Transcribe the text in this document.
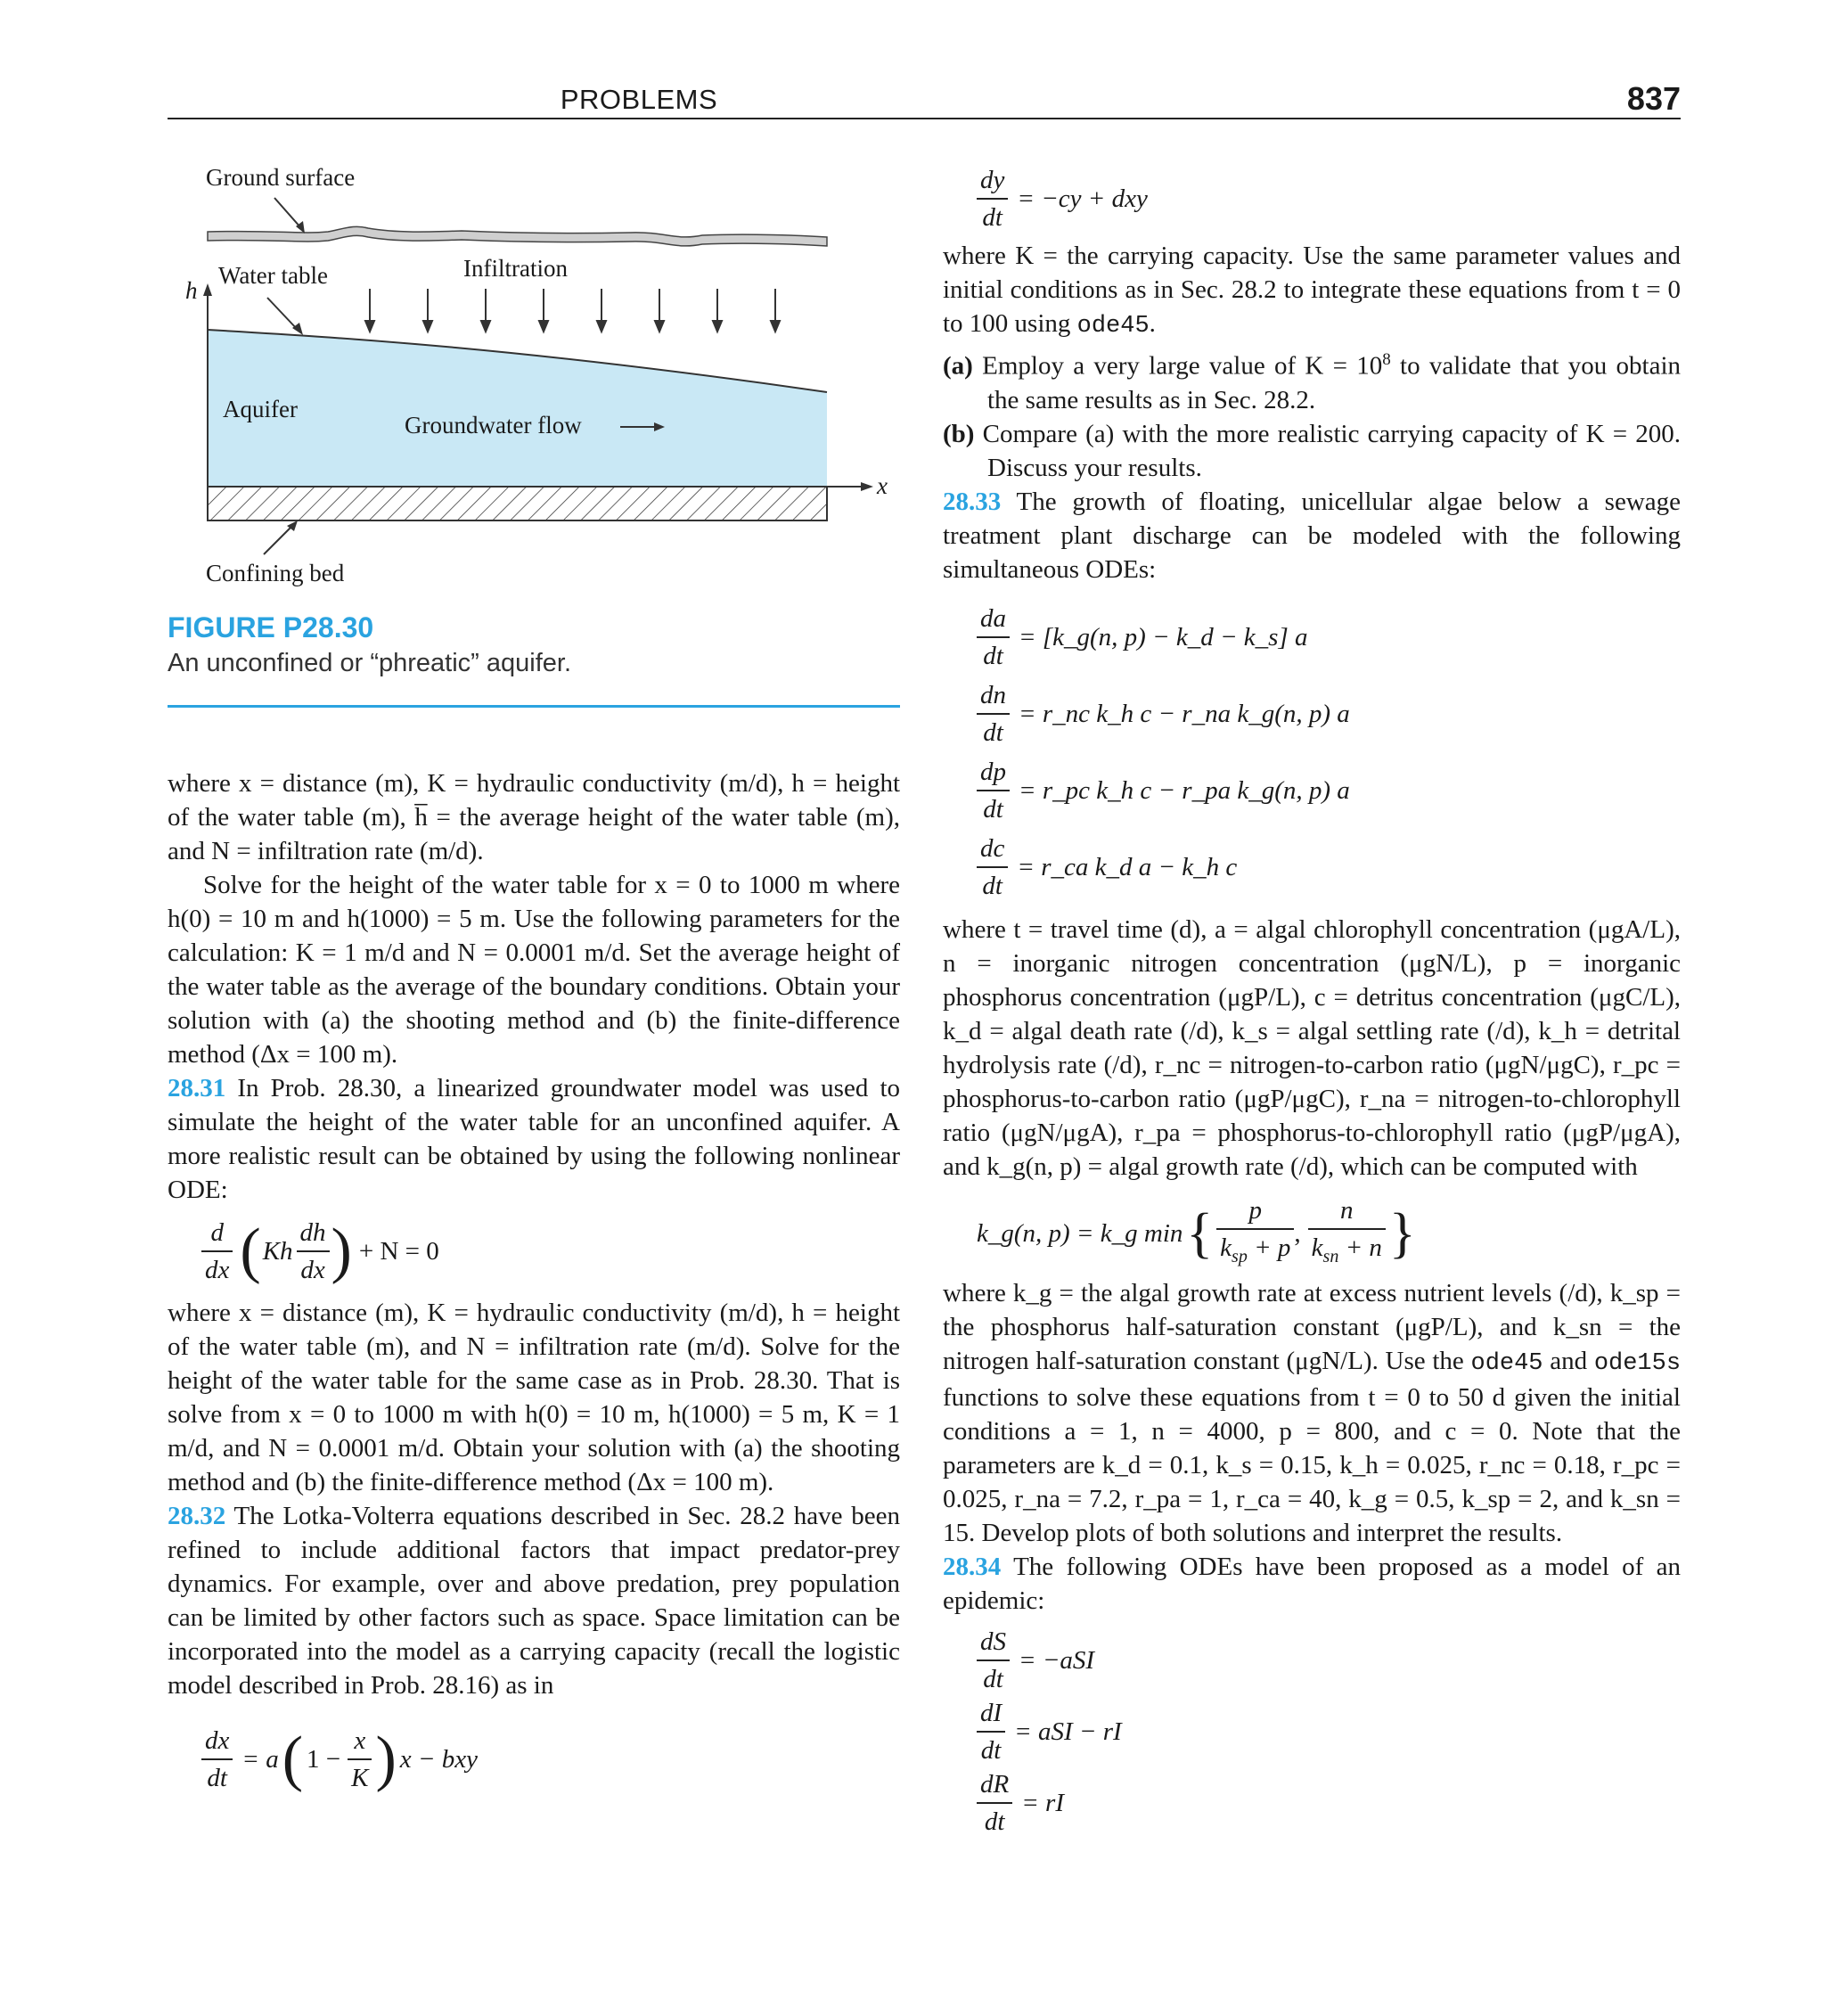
PROBLEMS	837
Ground surface
Water table	Infiltration
h
x
Aquifer
Groundwater flow
Confining bed
FIGURE P28.30
An unconfined or “phreatic” aquifer.

where x = distance (m), K = hydraulic conductivity (m/d), h = height of the water table (m), h̅ = the average height of the water table (m), and N = infiltration rate (m/d).

Solve for the height of the water table for x = 0 to 1000 m where h(0) = 10 m and h(1000) = 5 m. Use the following parameters for the calculation: K = 1 m/d and N = 0.0001 m/d. Set the average height of the water table as the average of the boundary conditions. Obtain your solution with (a) the shooting method and (b) the finite-difference method (Δx = 100 m).

28.31 In Prob. 28.30, a linearized groundwater model was used to simulate the height of the water table for an unconfined aquifer. A more realistic result can be obtained by using the following nonlinear ODE:

$\frac{d}{dx}$ ( Kh $\frac{dh}{dx}$ ) + N = 0

where x = distance (m), K = hydraulic conductivity (m/d), h = height of the water table (m), and N = infiltration rate (m/d). Solve for the height of the water table for the same case as in Prob. 28.30. That is solve from x = 0 to 1000 m with h(0) = 10 m, h(1000) = 5 m, K = 1 m/d, and N = 0.0001 m/d. Obtain your solution with (a) the shooting method and (b) the finite-difference method (Δx = 100 m).

28.32 The Lotka-Volterra equations described in Sec. 28.2 have been refined to include additional factors that impact predator-prey dynamics. For example, over and above predation, prey population can be limited by other factors such as space. Space limitation can be incorporated into the model as a carrying capacity (recall the logistic model described in Prob. 28.16) as in

$\frac{dx}{dt} = a$ ( $1 - \frac{x}{K}$ ) x − bxy
$\frac{dy}{dt} = -cy$ + dxy

where K = the carrying capacity. Use the same parameter values and initial conditions as in Sec. 28.2 to integrate these equations from t = 0 to 100 using ode45.

(a) Employ a very large value of $K = 10^8$ to validate that you obtain the same results as in Sec. 28.2.

(b) Compare (a) with the more realistic carrying capacity of K = 200. Discuss your results.

28.33 The growth of floating, unicellular algae below a sewage treatment plant discharge can be modeled with the following simultaneous ODEs:

$\frac{da}{dt}$ = [k_g(n, p) − k_d − k_s] a
$\frac{dn}{dt}$ = r_nc k_h c − r_na k_g(n, p) a
$\frac{dp}{dt}$ = r_pc k_h c − r_pa k_g(n, p) a
$\frac{dc}{dt}$ = r_ca k_d a − k_h c

where t = travel time (d), a = algal chlorophyll concentration (μgA/L), n = inorganic nitrogen concentration (μgN/L), p = inorganic phosphorus concentration (μgP/L), c = detritus concentration (μgC/L), k_d = algal death rate (/d), k_s = algal settling rate (/d), k_h = detrital hydrolysis rate (/d), r_nc = nitrogen-to-carbon ratio (μgN/μgC), r_pc = phosphorus-to-carbon ratio (μgP/μgC), r_na = nitrogen-to-chlorophyll ratio (μgN/μgA), r_pa = phosphorus-to-chlorophyll ratio (μgP/μgA), and k_g(n, p) = algal growth rate (/d), which can be computed with

k_g(n, p) = k_g min { $\frac{p}{k_{sp} + p}$ , $\frac{n}{k_{sn} + n}$ }

where k_g = the algal growth rate at excess nutrient levels (/d), k_sp = the phosphorus half-saturation constant (μgP/L), and k_sn = the nitrogen half-saturation constant (μgN/L). Use the ode45 and ode15s functions to solve these equations from t = 0 to 50 d given the initial conditions a = 1, n = 4000, p = 800, and c = 0. Note that the parameters are k_d = 0.1, k_s = 0.15, k_h = 0.025, r_nc = 0.18, r_pc = 0.025, r_na = 7.2, r_pa = 1, r_ca = 40, k_g = 0.5, k_sp = 2, and k_sn = 15. Develop plots of both solutions and interpret the results.

28.34 The following ODEs have been proposed as a model of an epidemic:

$\frac{dS}{dt} = -aSI$
$\frac{dI}{dt}$ = aSI − rI
$\frac{dR}{dt}$ = rI
